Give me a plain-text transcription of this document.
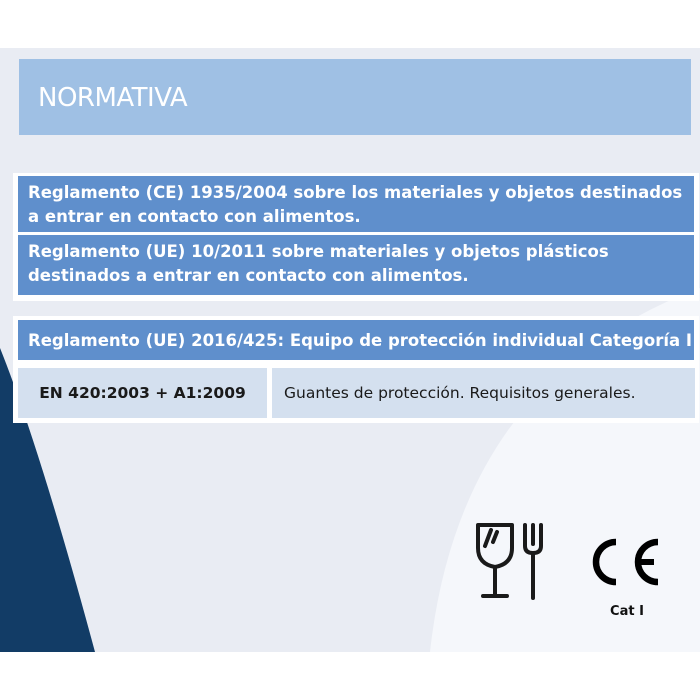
NORMATIVA
Reglamento (CE) 1935/2004 sobre los materiales y objetos destinados a entrar en contacto con alimentos.
Reglamento (UE) 10/2011 sobre materiales y objetos plásticos destinados a entrar en contacto con alimentos.
Reglamento (UE) 2016/425: Equipo de protección individual Categoría I
EN 420:2003 + A1:2009	Guantes de protección. Requisitos generales.
Cat I
